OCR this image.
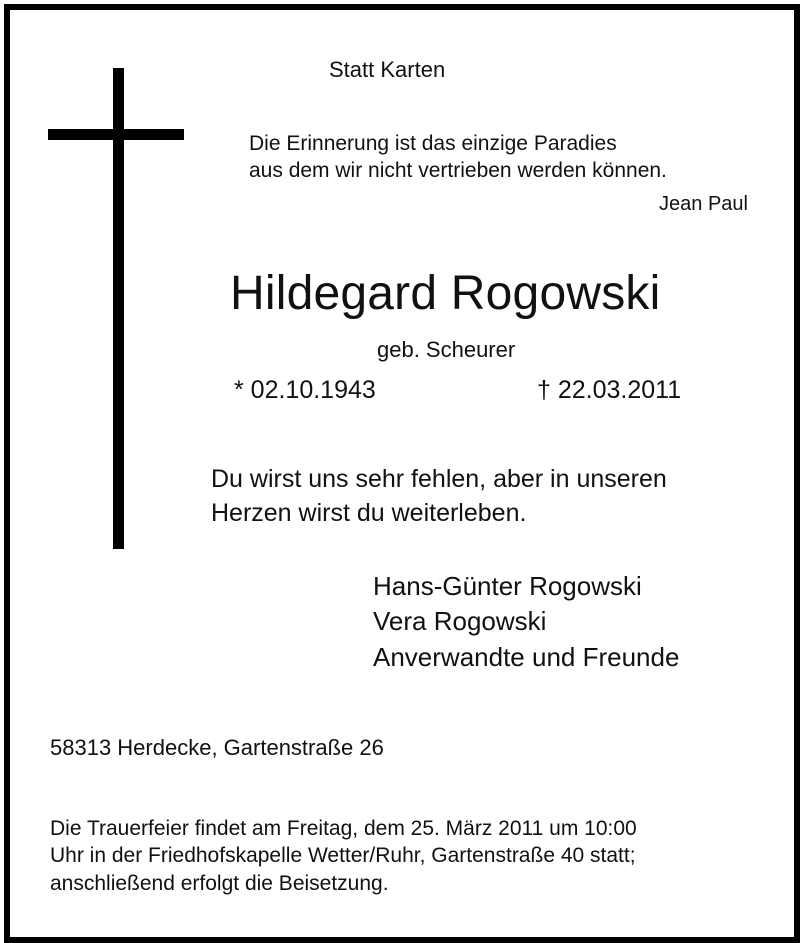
Statt Karten
Die Erinnerung ist das einzige Paradies
aus dem wir nicht vertrieben werden können.
Jean Paul
Hildegard Rogowski
geb. Scheurer
* 02.10.1943	† 22.03.2011
Du wirst uns sehr fehlen, aber in unseren
Herzen wirst du weiterleben.
Hans-Günter Rogowski
Vera Rogowski
Anverwandte und Freunde
58313 Herdecke, Gartenstraße 26
Die Trauerfeier findet am Freitag, dem 25. März 2011 um 10:00
Uhr in der Friedhofskapelle Wetter/Ruhr, Gartenstraße 40 statt;
anschließend erfolgt die Beisetzung.
